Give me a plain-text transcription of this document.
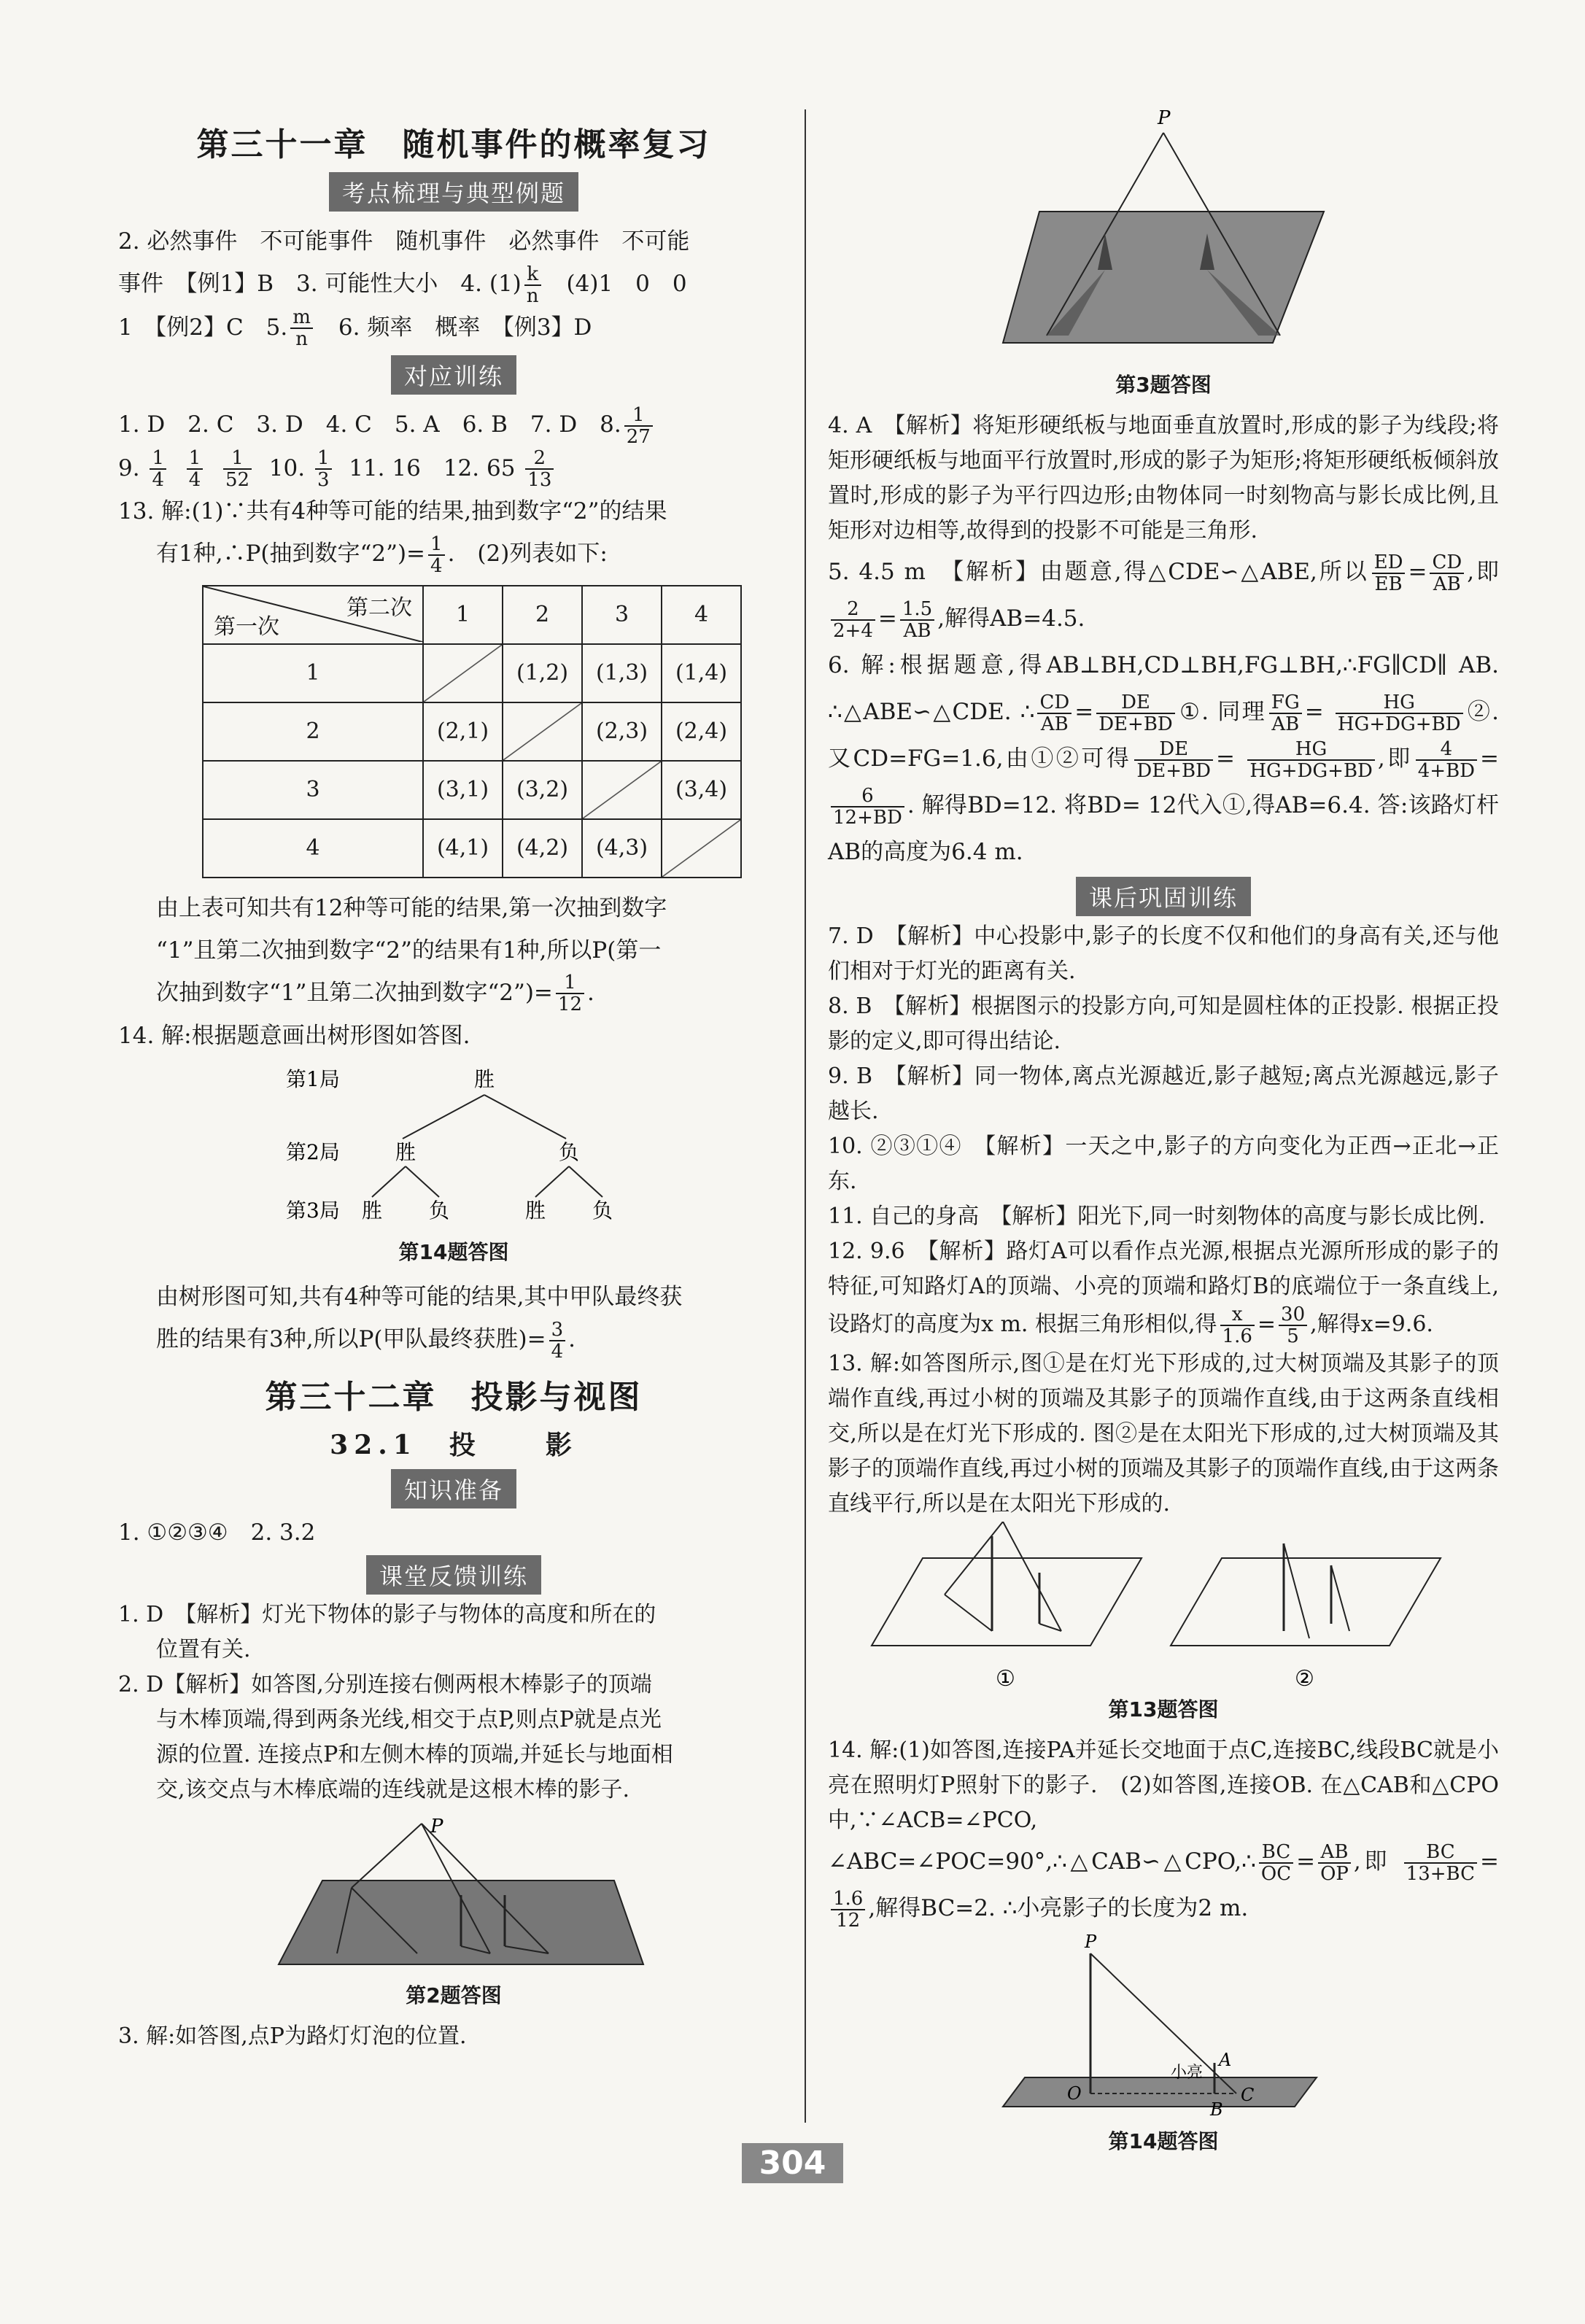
第三十一章　随机事件的概率复习
考点梳理与典型例题

2. 必然事件　不可能事件　随机事件　必然事件　不可能

事件　【例1】B　3. 可能性大小　4. $(1) \frac{k}{n}$ 　(4)1　0　0

1　【例2】C　5. $\frac{m}{n}$ 　6. 频率　概率　【例3】D

对应训练

1. D　2. C　3. D　4. C　5. A　6. B　7. D　8. $\frac{1}{27}$

9. $\frac{1}{4}$
$\frac{1}{4}$
$\frac{1}{52} 10$. $\frac{1}{3} 11$. 16　12. $65 \frac{2}{13}$

13. 解:(1)∵共有4种等可能的结果,抽到数字“2”的结果

有1种,∴P(抽到数字“2”)= $\frac{1}{4}$ .　(2)列表如下:

第二次
第一次	1	2	3	4
1		(1,2)	(1,3)	(1,4)
2	(2,1)		(2,3)	(2,4)
3	(3,1)	(3,2)		(3,4)
4	(4,1)	(4,2)	(4,3)	

由上表可知共有12种等可能的结果,第一次抽到数字

“1”且第二次抽到数字“2”的结果有1种,所以P(第一

次抽到数字“1”且第二次抽到数字“2”)= $\frac{1}{12}$ .

14. 解:根据题意画出树形图如答图.

第1局
第2局
第3局
胜
胜	负
胜 负	胜 负
第14题答图

由树形图可知,共有4种等可能的结果,其中甲队最终获

胜的结果有3种,所以P(甲队最终获胜)= $\frac{3}{4}$ .

第三十二章　投影与视图
32.1　投　　影
知识准备

1. ①②③④　2. 3.2

课堂反馈训练

1. D　【解析】灯光下物体的影子与物体的高度和所在的

位置有关.

2. D【解析】如答图,分别连接右侧两根木棒影子的顶端

与木棒顶端,得到两条光线,相交于点P,则点P就是点光

源的位置. 连接点P和左侧木棒的顶端,并延长与地面相

交,该交点与木棒底端的连线就是这根木棒的影子.

P
第2题答图

3. 解:如答图,点P为路灯灯泡的位置.

P
第3题答图

4. A　【解析】将矩形硬纸板与地面垂直放置时,形成的影子为线段;将矩形硬纸板与地面平行放置时,形成的影子为矩形;将矩形硬纸板倾斜放置时,形成的影子为平行四边形;由物体同一时刻物高与影长成比例,且矩形对边相等,故得到的投影不可能是三角形.

5. 4.5 m　【解析】由题意,得△CDE∽△ABE,所以 $\frac{ED}{EB} = \frac{CD}{AB}$ ,即
$\frac{2}{2+4} = \frac{1.5}{AB}$ ,解得AB=4.5.

6. 解:根据题意,得AB⊥BH,CD⊥BH,FG⊥BH,∴FG∥CD∥ AB. ∴△ABE∽△CDE. ∴ $\frac{CD}{AB} = \frac{DE}{DE+BD}$ ①. 同理 $\frac{FG}{AB} = \frac{HG}{HG+DG+BD}$ ②. 又CD=FG=1.6,由①②可得 $\frac{DE}{DE+BD} = \frac{HG}{HG+DG+BD}$ ,即 $\frac{4}{4+BD}$ =
$\frac{6}{12+BD}$ . 解得BD=12. 将BD= 12代入①,得AB=6.4. 答:该路灯杆AB的高度为6.4 m.

课后巩固训练

7. D　【解析】中心投影中,影子的长度不仅和他们的身高有关,还与他们相对于灯光的距离有关.

8. B　【解析】根据图示的投影方向,可知是圆柱体的正投影. 根据正投影的定义,即可得出结论.

9. B　【解析】同一物体,离点光源越近,影子越短;离点光源越远,影子越长.

10. ②③①④　【解析】一天之中,影子的方向变化为正西→正北→正东.

11. 自己的身高　【解析】阳光下,同一时刻物体的高度与影长成比例.

12. 9.6　【解析】路灯A可以看作点光源,根据点光源所形成的影子的特征,可知路灯A的顶端、小亮的顶端和路灯B的底端位于一条直线上,设路灯的高度为x m. 根据三角形相似,得 $\frac{x}{1.6} = \frac{30}{5}$ ,解得x=9.6.

13. 解:如答图所示,图①是在灯光下形成的,过大树顶端及其影子的顶端作直线,再过小树的顶端及其影子的顶端作直线,由于这两条直线相交,所以是在灯光下形成的. 图②是在太阳光下形成的,过大树顶端及其影子的顶端作直线,再过小树的顶端及其影子的顶端作直线,由于这两条直线平行,所以是在太阳光下形成的.

①	②
第13题答图

14. 解:(1)如答图,连接PA并延长交地面于点C,连接BC,线段BC就是小亮在照明灯P照射下的影子.　(2)如答图,连接OB. 在△CAB和△CPO中,∵∠ACB=∠PCO,

∠ABC=∠POC=90°,∴△CAB∽△CPO,∴ $\frac{BC}{OC} = \frac{AB}{OP}$ ,即 $\frac{BC}{13+BC}$ =
$\frac{1.6}{12}$ ,解得BC=2. ∴小亮影子的长度为2 m.

P
O
A
B
C
小亮
第14题答图
304
